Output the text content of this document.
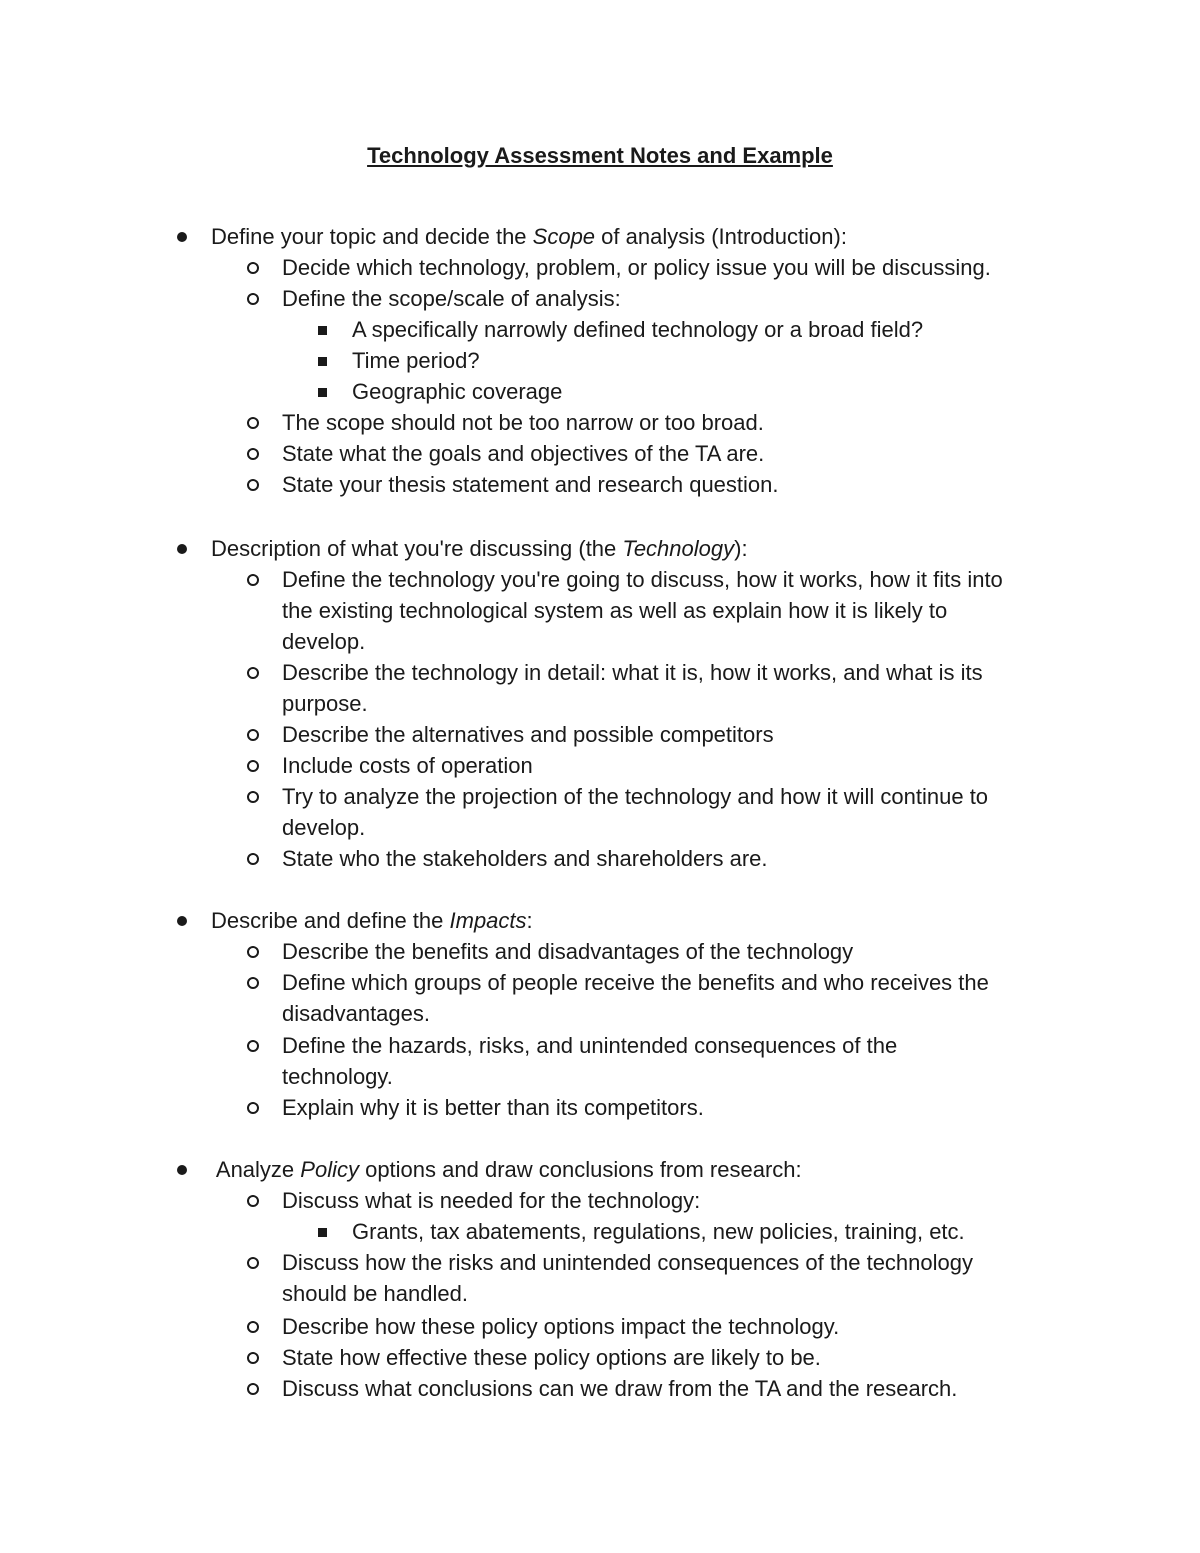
Technology Assessment Notes and Example
Define your topic and decide the Scope of analysis (Introduction):
Decide which technology, problem, or policy issue you will be discussing.
Define the scope/scale of analysis:
A specifically narrowly defined technology or a broad field?
Time period?
Geographic coverage
The scope should not be too narrow or too broad.
State what the goals and objectives of the TA are.
State your thesis statement and research question.
Description of what you're discussing (the Technology):
Define the technology you're going to discuss, how it works, how it fits into
the existing technological system as well as explain how it is likely to
develop.
Describe the technology in detail: what it is, how it works, and what is its
purpose.
Describe the alternatives and possible competitors
Include costs of operation
Try to analyze the projection of the technology and how it will continue to
develop.
State who the stakeholders and shareholders are.
Describe and define the Impacts:
Describe the benefits and disadvantages of the technology
Define which groups of people receive the benefits and who receives the
disadvantages.
Define the hazards, risks, and unintended consequences of the
technology.
Explain why it is better than its competitors.
Analyze Policy options and draw conclusions from research:
Discuss what is needed for the technology:
Grants, tax abatements, regulations, new policies, training, etc.
Discuss how the risks and unintended consequences of the technology
should be handled.
Describe how these policy options impact the technology.
State how effective these policy options are likely to be.
Discuss what conclusions can we draw from the TA and the research.
